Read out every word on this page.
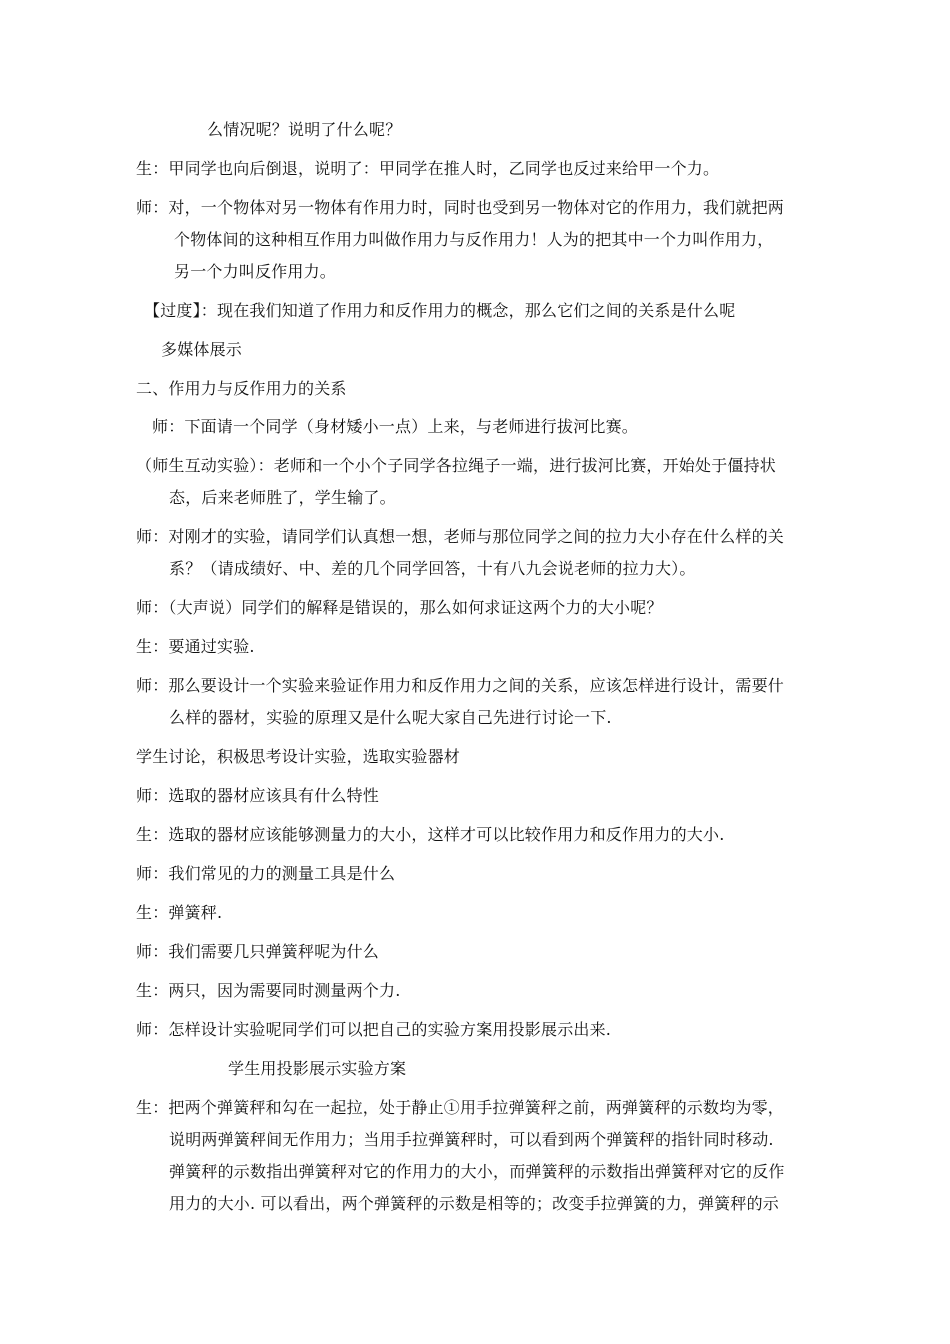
么情况呢？说明了什么呢？
生：甲同学也向后倒退，说明了：甲同学在推人时，乙同学也反过来给甲一个力。
师：对，一个物体对另一物体有作用力时，同时也受到另一物体对它的作用力，我们就把两
个物体间的这种相互作用力叫做作用力与反作用力！人为的把其中一个力叫作用力，
另一个力叫反作用力。
【过度】：现在我们知道了作用力和反作用力的概念，那么它们之间的关系是什么呢
多媒体展示
二、作用力与反作用力的关系
师：下面请一个同学（身材矮小一点）上来，与老师进行拔河比赛。
（师生互动实验）：老师和一个小个子同学各拉绳子一端，进行拔河比赛，开始处于僵持状
态，后来老师胜了，学生输了。
师：对刚才的实验，请同学们认真想一想，老师与那位同学之间的拉力大小存在什么样的关
系？（请成绩好、中、差的几个同学回答，十有八九会说老师的拉力大）。
师：（大声说）同学们的解释是错误的，那么如何求证这两个力的大小呢？
生：要通过实验.
师：那么要设计一个实验来验证作用力和反作用力之间的关系，应该怎样进行设计，需要什
么样的器材，实验的原理又是什么呢大家自己先进行讨论一下.
学生讨论，积极思考设计实验，选取实验器材
师：选取的器材应该具有什么特性
生：选取的器材应该能够测量力的大小，这样才可以比较作用力和反作用力的大小.
师：我们常见的力的测量工具是什么
生：弹簧秤.
师：我们需要几只弹簧秤呢为什么
生：两只，因为需要同时测量两个力.
师：怎样设计实验呢同学们可以把自己的实验方案用投影展示出来.
学生用投影展示实验方案
生：把两个弹簧秤和勾在一起拉，处于静止①用手拉弹簧秤之前，两弹簧秤的示数均为零，
说明两弹簧秤间无作用力；当用手拉弹簧秤时，可以看到两个弹簧秤的指针同时移动.
弹簧秤的示数指出弹簧秤对它的作用力的大小，而弹簧秤的示数指出弹簧秤对它的反作
用力的大小. 可以看出，两个弹簧秤的示数是相等的；改变手拉弹簧的力，弹簧秤的示
